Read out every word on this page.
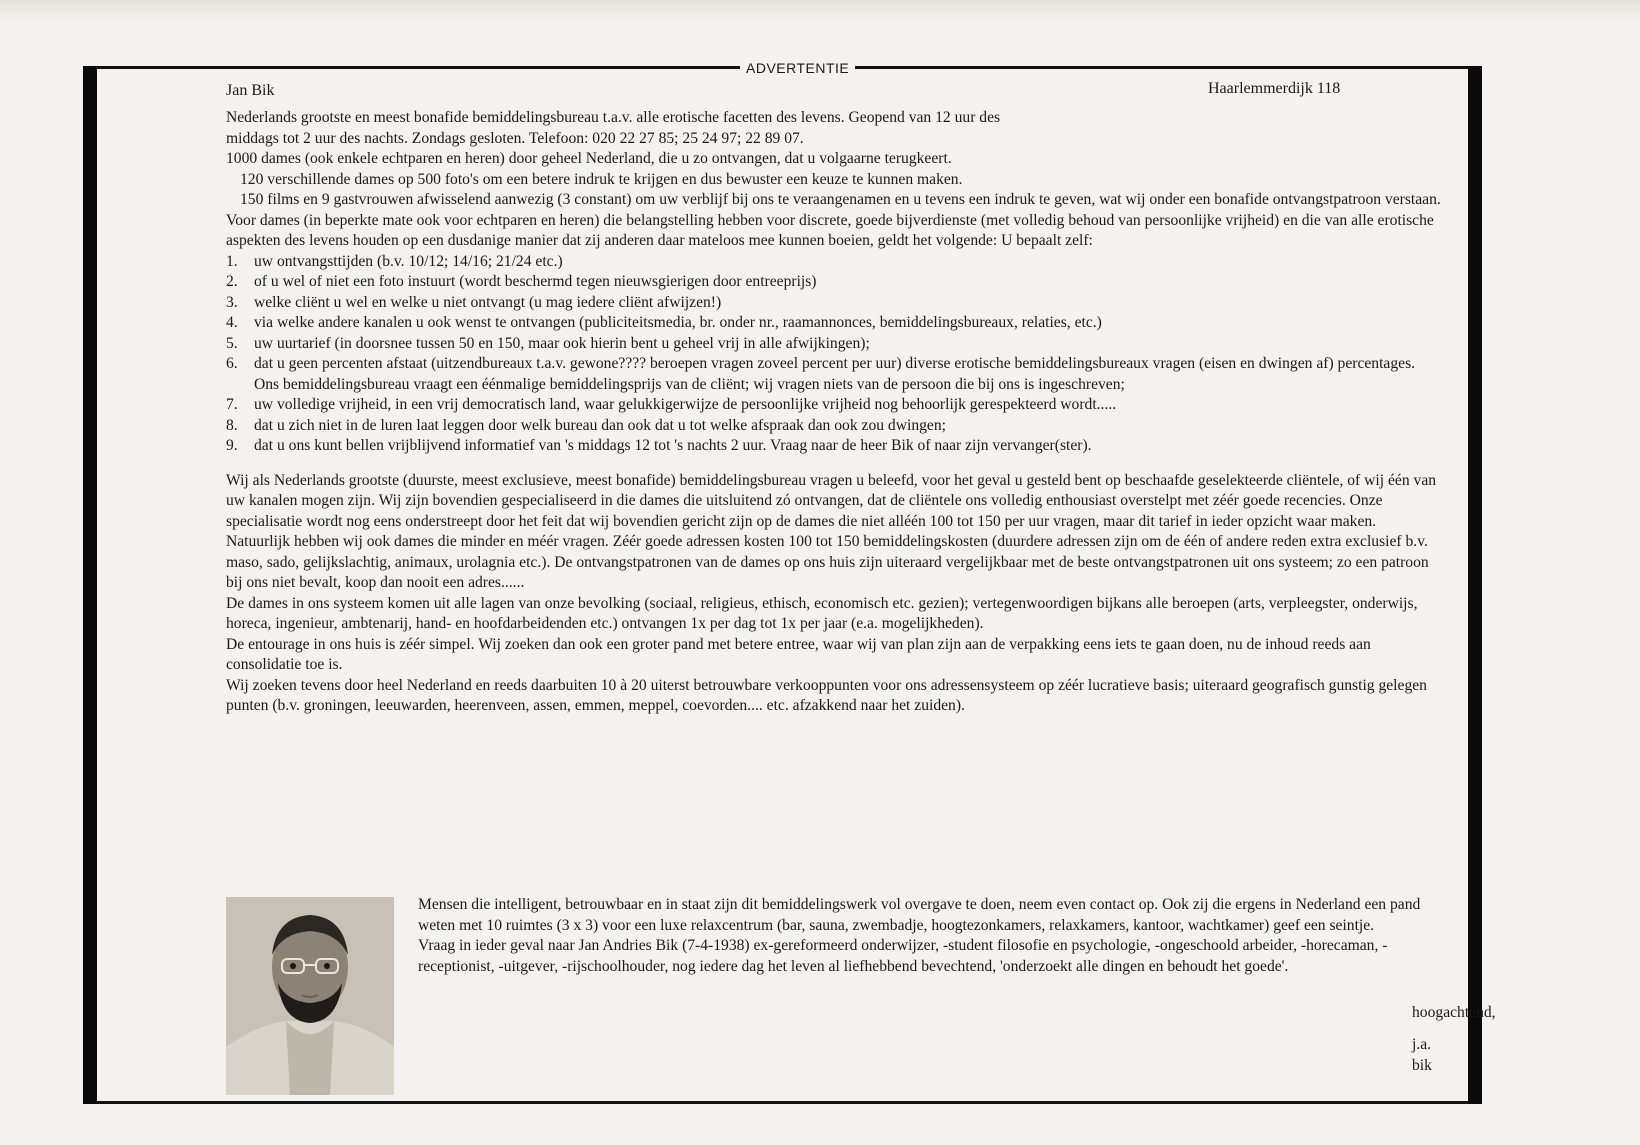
ADVERTENTIE
Jan Bik	Haarlemmerdijk 118

Nederlands grootste en meest bonafide bemiddelingsbureau t.a.v. alle erotische facetten des levens. Geopend van 12 uur des

middags tot 2 uur des nachts. Zondags gesloten. Telefoon: 020 22 27 85; 25 24 97; 22 89 07.

1000 dames (ook enkele echtparen en heren) door geheel Nederland, die u zo ontvangen, dat u volgaarne terugkeert.

120 verschillende dames op 500 foto's om een betere indruk te krijgen en dus bewuster een keuze te kunnen maken.

150 films en 9 gastvrouwen afwisselend aanwezig (3 constant) om uw verblijf bij ons te veraangenamen en u tevens een indruk te geven, wat wij onder een bonafide ontvangstpatroon verstaan.

Voor dames (in beperkte mate ook voor echtparen en heren) die belangstelling hebben voor discrete, goede bijverdienste (met volledig behoud van persoonlijke vrijheid) en die van alle erotische aspekten des levens houden op een dusdanige manier dat zij anderen daar mateloos mee kunnen boeien, geldt het volgende: U bepaalt zelf:

1. uw ontvangsttijden (b.v. 10/12; 14/16; 21/24 etc.)
2. of u wel of niet een foto instuurt (wordt beschermd tegen nieuwsgierigen door entreeprijs)
3. welke cliënt u wel en welke u niet ontvangt (u mag iedere cliënt afwijzen!)
4. via welke andere kanalen u ook wenst te ontvangen (publiciteitsmedia, br. onder nr., raamannonces, bemiddelingsbureaux, relaties, etc.)
5. uw uurtarief (in doorsnee tussen 50 en 150, maar ook hierin bent u geheel vrij in alle afwijkingen);
6. dat u geen percenten afstaat (uitzendbureaux t.a.v. gewone???? beroepen vragen zoveel percent per uur) diverse erotische bemiddelingsbureaux vragen (eisen en dwingen af) percentages. Ons bemiddelingsbureau vraagt een éénmalige bemiddelingsprijs van de cliënt; wij vragen niets van de persoon die bij ons is ingeschreven;
7. uw volledige vrijheid, in een vrij democratisch land, waar gelukkigerwijze de persoonlijke vrijheid nog behoorlijk gerespekteerd wordt.....
8. dat u zich niet in de luren laat leggen door welk bureau dan ook dat u tot welke afspraak dan ook zou dwingen;
9. dat u ons kunt bellen vrijblijvend informatief van 's middags 12 tot 's nachts 2 uur. Vraag naar de heer Bik of naar zijn vervanger(ster).

Wij als Nederlands grootste (duurste, meest exclusieve, meest bonafide) bemiddelingsbureau vragen u beleefd, voor het geval u gesteld bent op beschaafde geselekteerde cliëntele, of wij één van uw kanalen mogen zijn. Wij zijn bovendien gespecialiseerd in die dames die uitsluitend zó ontvangen, dat de cliëntele ons volledig enthousiast overstelpt met zéér goede recencies. Onze specialisatie wordt nog eens onderstreept door het feit dat wij bovendien gericht zijn op de dames die niet alléén 100 tot 150 per uur vragen, maar dit tarief in ieder opzicht waar maken. Natuurlijk hebben wij ook dames die minder en méér vragen. Zéér goede adressen kosten 100 tot 150 bemiddelingskosten (duurdere adressen zijn om de één of andere reden extra exclusief b.v. maso, sado, gelijkslachtig, animaux, urolagnia etc.). De ontvangstpatronen van de dames op ons huis zijn uiteraard vergelijkbaar met de beste ontvangstpatronen uit ons systeem; zo een patroon bij ons niet bevalt, koop dan nooit een adres......

De dames in ons systeem komen uit alle lagen van onze bevolking (sociaal, religieus, ethisch, economisch etc. gezien); vertegenwoordigen bijkans alle beroepen (arts, verpleegster, onderwijs, horeca, ingenieur, ambtenarij, hand- en hoofdarbeidenden etc.) ontvangen 1x per dag tot 1x per jaar (e.a. mogelijkheden).

De entourage in ons huis is zéér simpel. Wij zoeken dan ook een groter pand met betere entree, waar wij van plan zijn aan de verpakking eens iets te gaan doen, nu de inhoud reeds aan consolidatie toe is.

Wij zoeken tevens door heel Nederland en reeds daarbuiten 10 à 20 uiterst betrouwbare verkooppunten voor ons adressensysteem op zéér lucratieve basis; uiteraard geografisch gunstig gelegen punten (b.v. groningen, leeuwarden, heerenveen, assen, emmen, meppel, coevorden.... etc. afzakkend naar het zuiden).

Mensen die intelligent, betrouwbaar en in staat zijn dit bemiddelingswerk vol overgave te doen, neem even contact op. Ook zij die ergens in Nederland een pand weten met 10 ruimtes (3 x 3) voor een luxe relaxcentrum (bar, sauna, zwembadje, hoogtezonkamers, relaxkamers, kantoor, wachtkamer) geef een seintje.

Vraag in ieder geval naar Jan Andries Bik (7-4-1938) ex-gereformeerd onderwijzer, -student filosofie en psychologie, -ongeschoold arbeider, -horecaman, -receptionist, -uitgever, -rijschoolhouder, nog iedere dag het leven al liefhebbend bevechtend, 'onderzoekt alle dingen en behoudt het goede'.

hoogachtend,
j.a. bik
